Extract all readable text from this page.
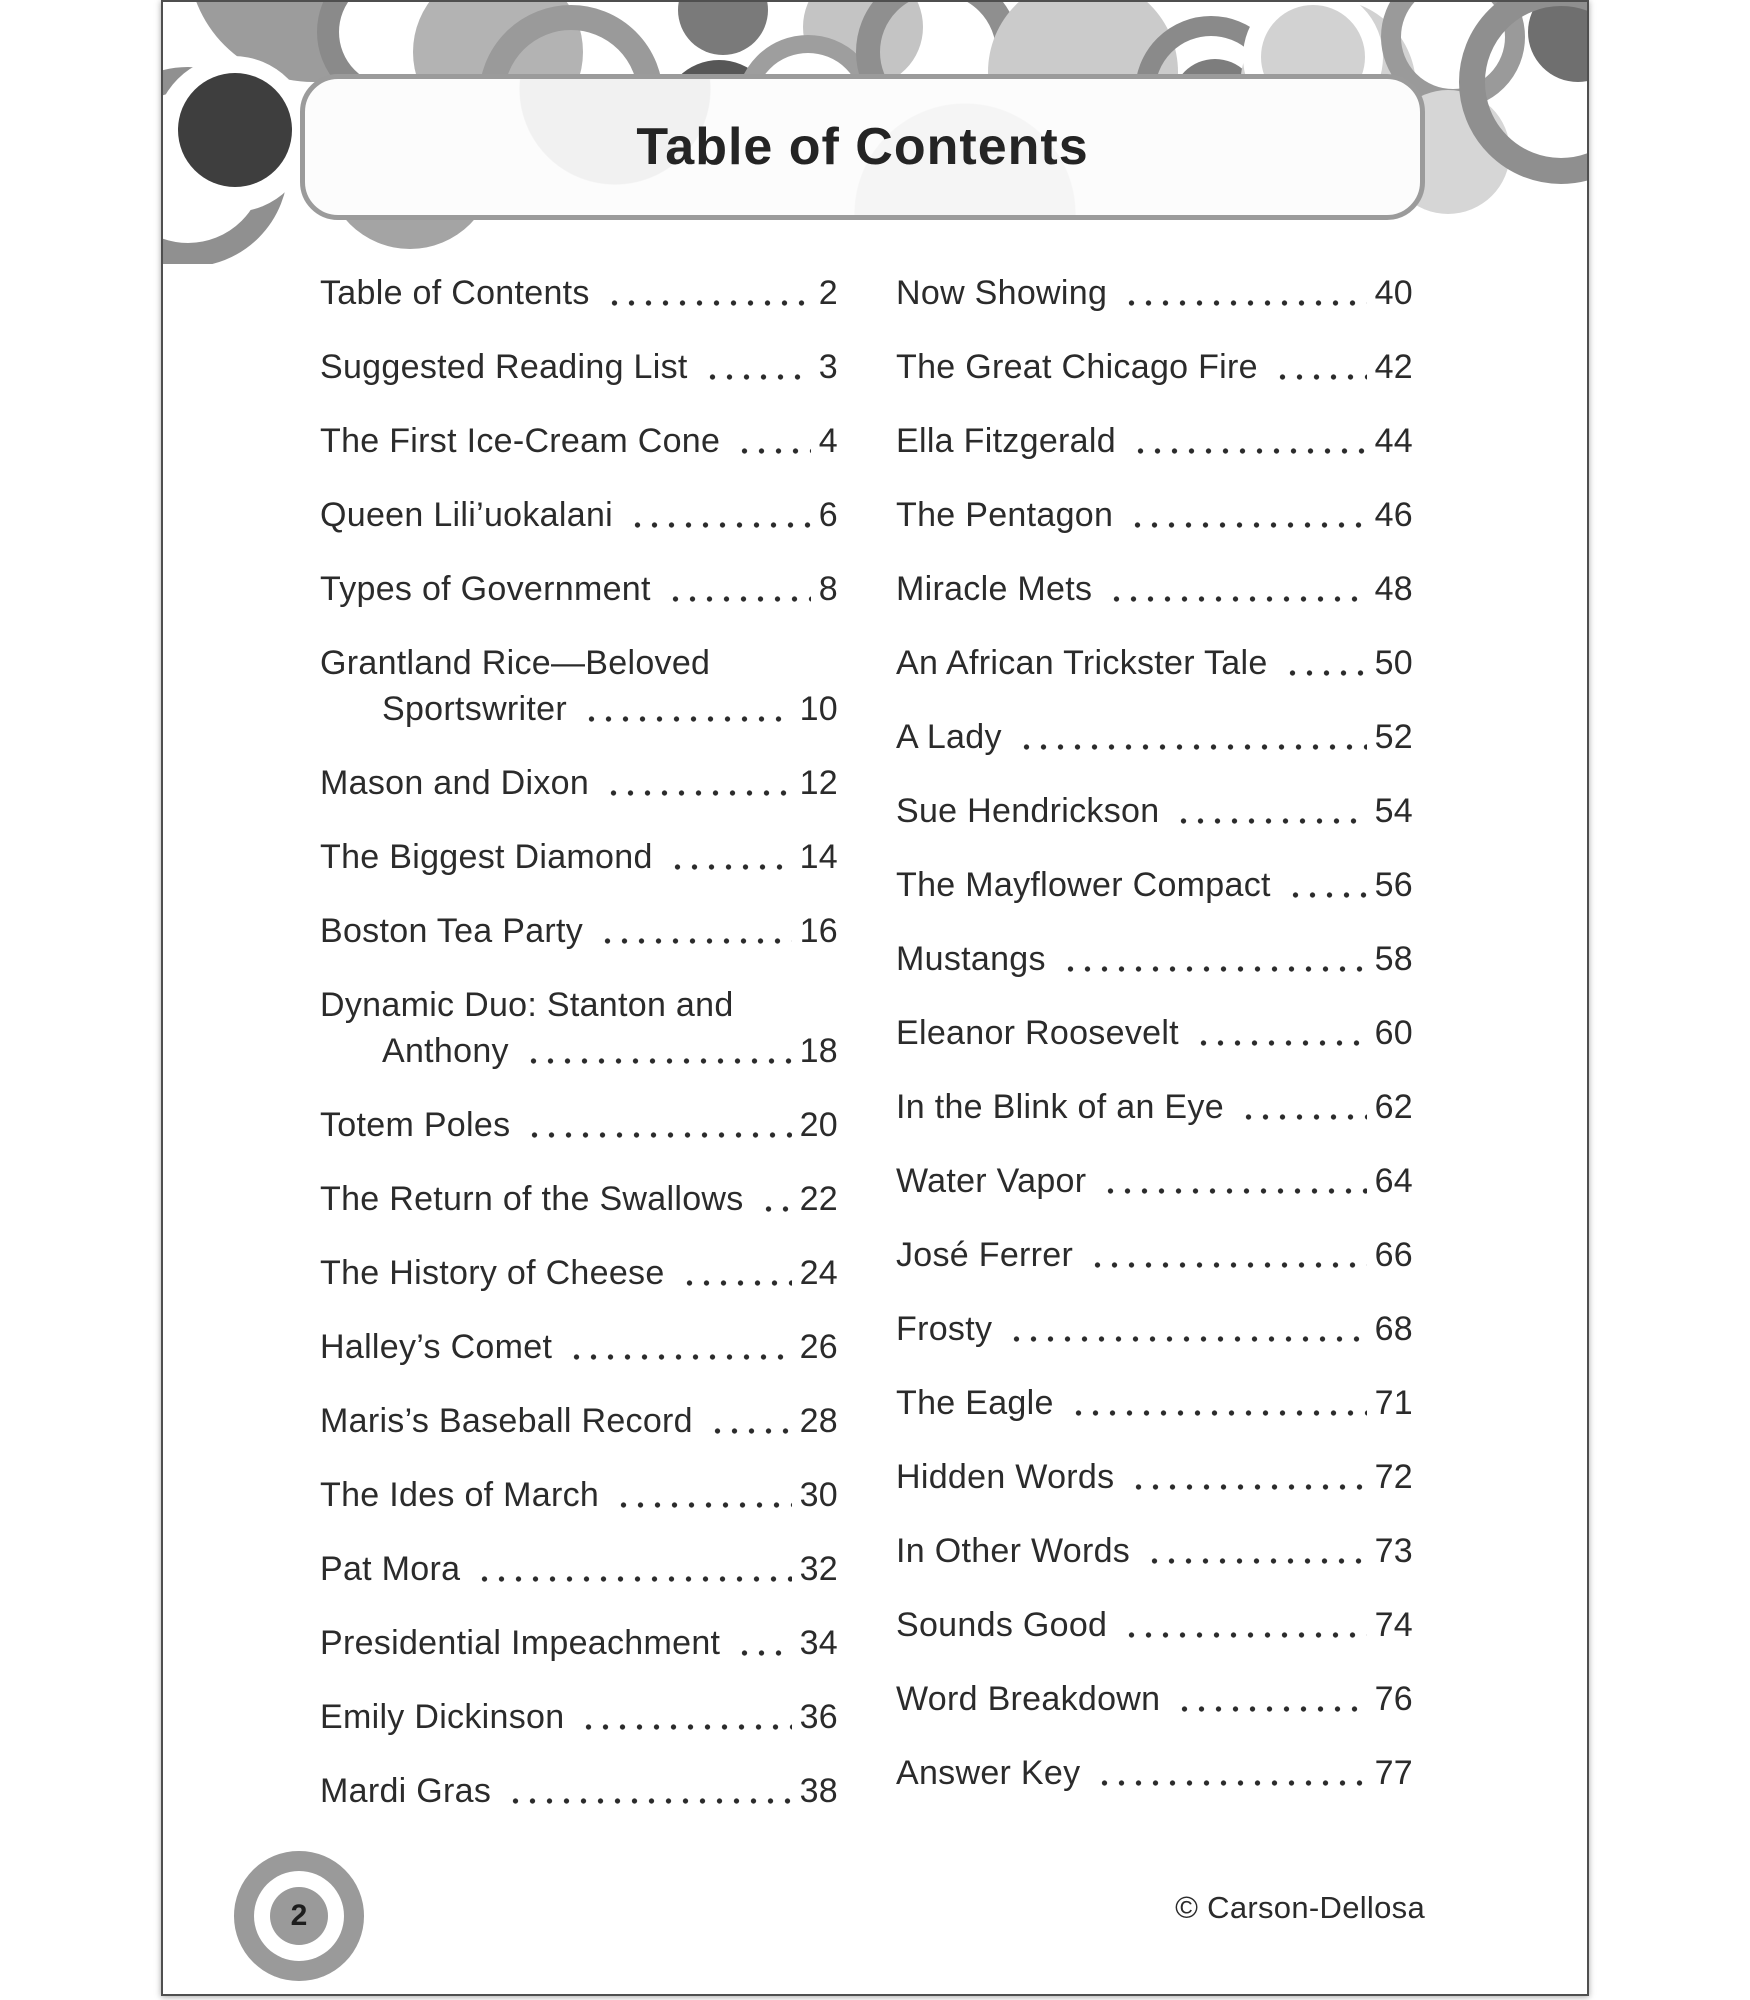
Table of Contents
Table of Contents	2
Suggested Reading List	3
The First Ice-Cream Cone	4
Queen Lili’uokalani	6
Types of Government	8
Grantland Rice—Beloved
Sportswriter	10
Mason and Dixon	12
The Biggest Diamond	14
Boston Tea Party	16
Dynamic Duo: Stanton and
Anthony	18
Totem Poles	20
The Return of the Swallows 22
The History of Cheese	24
Halley’s Comet	26
Maris’s Baseball Record	28
The Ides of March	30
Pat Mora	32
Presidential Impeachment 34
Emily Dickinson	36
Mardi Gras	38
Now Showing	40
The Great Chicago Fire	42
Ella Fitzgerald	44
The Pentagon	46
Miracle Mets	48
An African Trickster Tale	50
A Lady	52
Sue Hendrickson	54
The Mayflower Compact	56
Mustangs	58
Eleanor Roosevelt	60
In the Blink of an Eye	62
Water Vapor	64
José Ferrer	66
Frosty	68
The Eagle	71
Hidden Words	72
In Other Words	73
Sounds Good	74
Word Breakdown	76
Answer Key	77
2	© Carson-Dellosa
